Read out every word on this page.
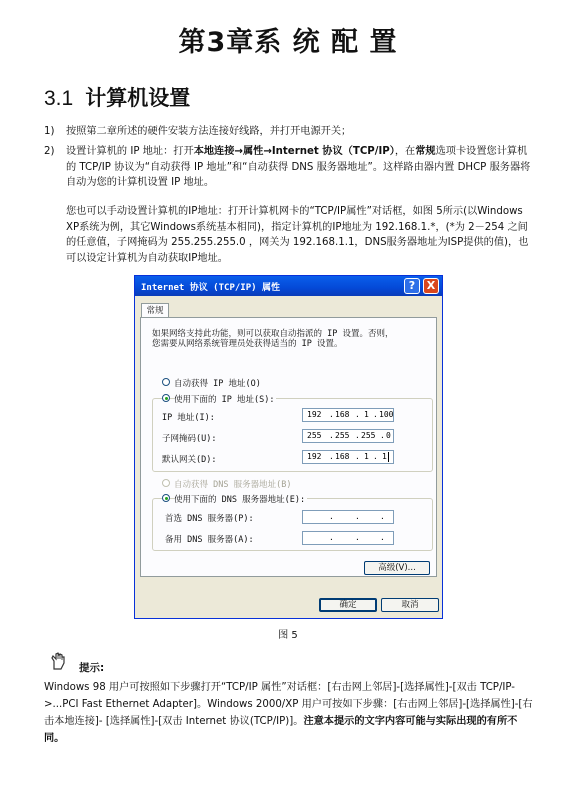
第3章系 统 配 置
3.1 计算机设置
1) 按照第二章所述的硬件安装方法连接好线路，并打开电源开关；
2) 设置计算机的 IP 地址：打开本地连接→属性→Internet 协议（TCP/IP），在常规选项卡设置您计算机的 TCP/IP 协议为“自动获得 IP 地址”和“自动获得 DNS 服务器地址”。这样路由器内置 DHCP 服务器将自动为您的计算机设置 IP 地址。
您也可以手动设置计算机的IP地址：打开计算机网卡的“TCP/IP属性”对话框，如图 5所示(以Windows XP系统为例，其它Windows系统基本相同)，指定计算机的IP地址为 192.168.1.*，(*为 2－254 之间的任意值，子网掩码为 255.255.255.0 ，网关为 192.168.1.1，DNS服务器地址为ISP提供的值)，也可以设定计算机为自动获取IP地址。
Internet 协议 (TCP/IP) 属性	?	X
常规
如果网络支持此功能，则可以获取自动指派的 IP 设置。否则，
您需要从网络系统管理员处获得适当的 IP 设置。
自动获得 IP 地址(O)
使用下面的 IP 地址(S):
IP 地址(I):	192 . 168 . 1 . 100
子网掩码(U):	255 . 255 . 255 . 0
默认网关(D):	192 . 168 . 1 . 1
自动获得 DNS 服务器地址(B)
使用下面的 DNS 服务器地址(E):
首选 DNS 服务器(P):	.	.	.
备用 DNS 服务器(A):	.	.	.
高级(V)...
确定	取消
图 5
提示:
Windows 98 用户可按照如下步骤打开“TCP/IP 属性”对话框：[右击网上邻居]-[选择属性]-[双击 TCP/IP->...PCI Fast Ethernet Adapter]。Windows 2000/XP 用户可按如下步骤：[右击网上邻居]-[选择属性]-[右击本地连接]- [选择属性]-[双击 Internet 协议(TCP/IP)]。注意本提示的文字内容可能与实际出现的有所不同。
